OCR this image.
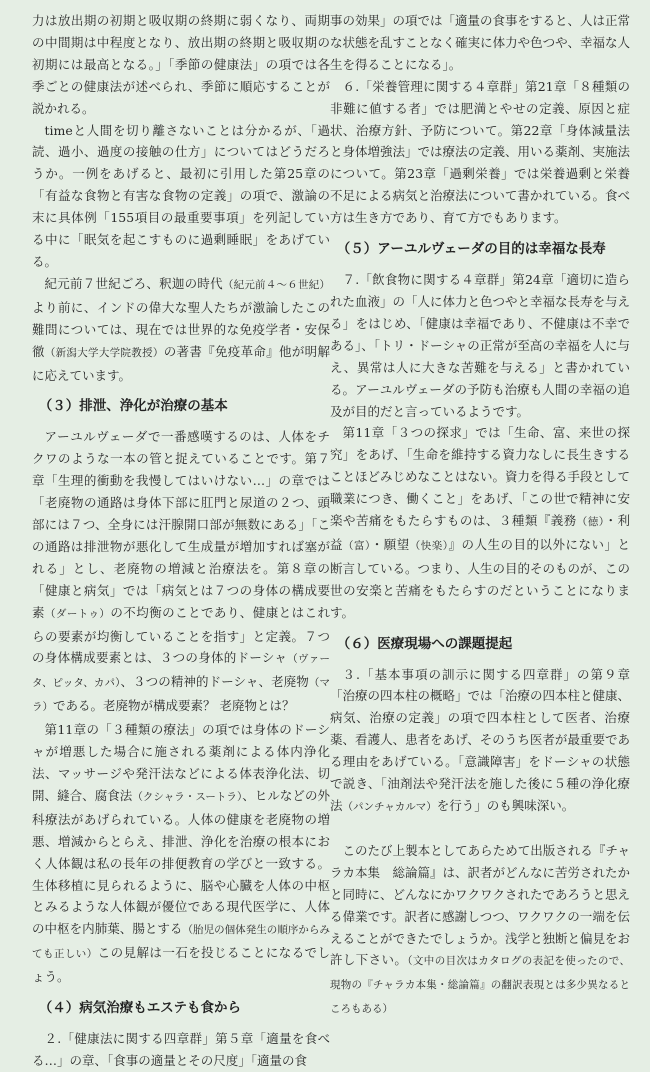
力は放出期の初期と吸収期の終期に弱くなり、両期の中間期は中程度となり、放出期の終期と吸収期の初期には最高となる。」「季節の健康法」の項では各季ごとの健康法が述べられ、季節に順応することが説かれる。

timeと人間を切り離さないことは分かるが、「過読、過小、過度の接触の仕方」についてはどうだろうか。一例をあげると、最初に引用した第25章の「有益な食物と有害な食物の定義」の項で、激論の末に具体例「155項目の最重要事項」を列記している中に「眠気を起こすものに過剰睡眠」をあげている。

紀元前７世紀ごろ、釈迦の時代（紀元前４～６世紀）より前に、インドの偉大な聖人たちが激論したこの難問については、現在では世界的な免疫学者・安保徹（新潟大学大学院教授）の著書『免疫革命』他が明解に応えています。

（３）排泄、浄化が治療の基本

アーユルヴェーダで一番感嘆するのは、人体をチクワのような一本の管と捉えていることです。第７章「生理的衝動を我慢してはいけない…」の章では「老廃物の通路は身体下部に肛門と尿道の２つ、頭部には７つ、全身には汗腺開口部が無数にある」「この通路は排泄物が悪化して生成量が増加すれば塞がれる」とし、老廃物の増減と治療法を。第８章の「健康と病気」では「病気とは７つの身体の構成要素（ダートゥ）の不均衡のことであり、健康とはこれらの要素が均衡していることを指す」と定義。７つの身体構成要素とは、３つの身体的ドーシャ（ヴァータ、ピッタ、カパ）、３つの精神的ドーシャ、老廃物（マラ）である。老廃物が構成要素？ 老廃物とは？

第11章の「３種類の療法」の項では身体のドーシャが増悪した場合に施される薬剤による体内浄化法、マッサージや発汗法などによる体表浄化法、切開、縫合、腐食法（クシャラ・スートラ）、ヒルなどの外科療法があげられている。人体の健康を老廃物の増悪、増減からとらえ、排泄、浄化を治療の根本におく人体観は私の長年の排便教育の学びと一致する。生体移植に見られるように、脳や心臓を人体の中枢とみるような人体観が優位である現代医学に、人体の中枢を内肺葉、腸とする（胎児の個体発生の順序からみても正しい）この見解は一石を投じることになるでしょう。

（４）病気治療もエステも食から

２.「健康法に関する四章群」第５章「適量を食べる…」の章、「食事の適量とその尺度」「適量の食

事の効果」の項では「適量の食事をすると、人は正常な状態を乱すことなく確実に体力や色つや、幸福な人生を得ることになる」。

６.「栄養管理に関する４章群」第21章「８種類の非難に値する者」では肥満とやせの定義、原因と症状、治療方針、予防について。第22章「身体減量法と身体増強法」では療法の定義、用いる薬剤、実施法について。第23章「過剰栄養」では栄養過剰と栄養不足による病気と治療法について書かれている。食べ方は生き方であり、育て方でもあります。

（５）アーユルヴェーダの目的は幸福な長寿

７.「飲食物に関する４章群」第24章「適切に造られた血液」の「人に体力と色つやと幸福な長寿を与える」をはじめ、「健康は幸福であり、不健康は不幸である」、「トリ・ドーシャの正常が至高の幸福を人に与え、異常は人に大きな苦難を与える」と書かれている。アーユルヴェーダの予防も治療も人間の幸福の追及が目的だと言っているようです。

第11章「３つの探求」では「生命、富、来世の探究」をあげ、「生命を維持する資力なしに長生きすることほどみじめなことはない。資力を得る手段として職業につき、働くこと」をあげ、「この世で精神に安楽や苦痛をもたらすものは、３種類『義務（徳）・利益（富）・願望（快楽）』の人生の目的以外にない」と断言している。つまり、人生の目的そのものが、この世の安楽と苦痛をもたらすのだということになります。

（６）医療現場への課題提起

３.「基本事項の訓示に関する四章群」の第９章「治療の四本柱の概略」では「治療の四本柱と健康、病気、治療の定義」の項で四本柱として医者、治療薬、看護人、患者をあげ、そのうち医者が最重要である理由をあげている。「意識障害」をドーシャの状態で説き、「油剤法や発汗法を施した後に５種の浄化療法（パンチャカルマ）を行う」のも興味深い。

このたび上製本としてあらためて出版される『チャラカ本集　総論篇』は、訳者がどんなに苦労されたかと同時に、どんなにかワクワクされたであろうと思える偉業です。訳者に感謝しつつ、ワクワクの一端を伝えることができたでしょうか。浅学と独断と偏見をお許し下さい。（文中の目次はカタログの表記を使ったので、現物の『チャラカ本集・総論篇』の翻訳表現とは多少異なるところもある）
